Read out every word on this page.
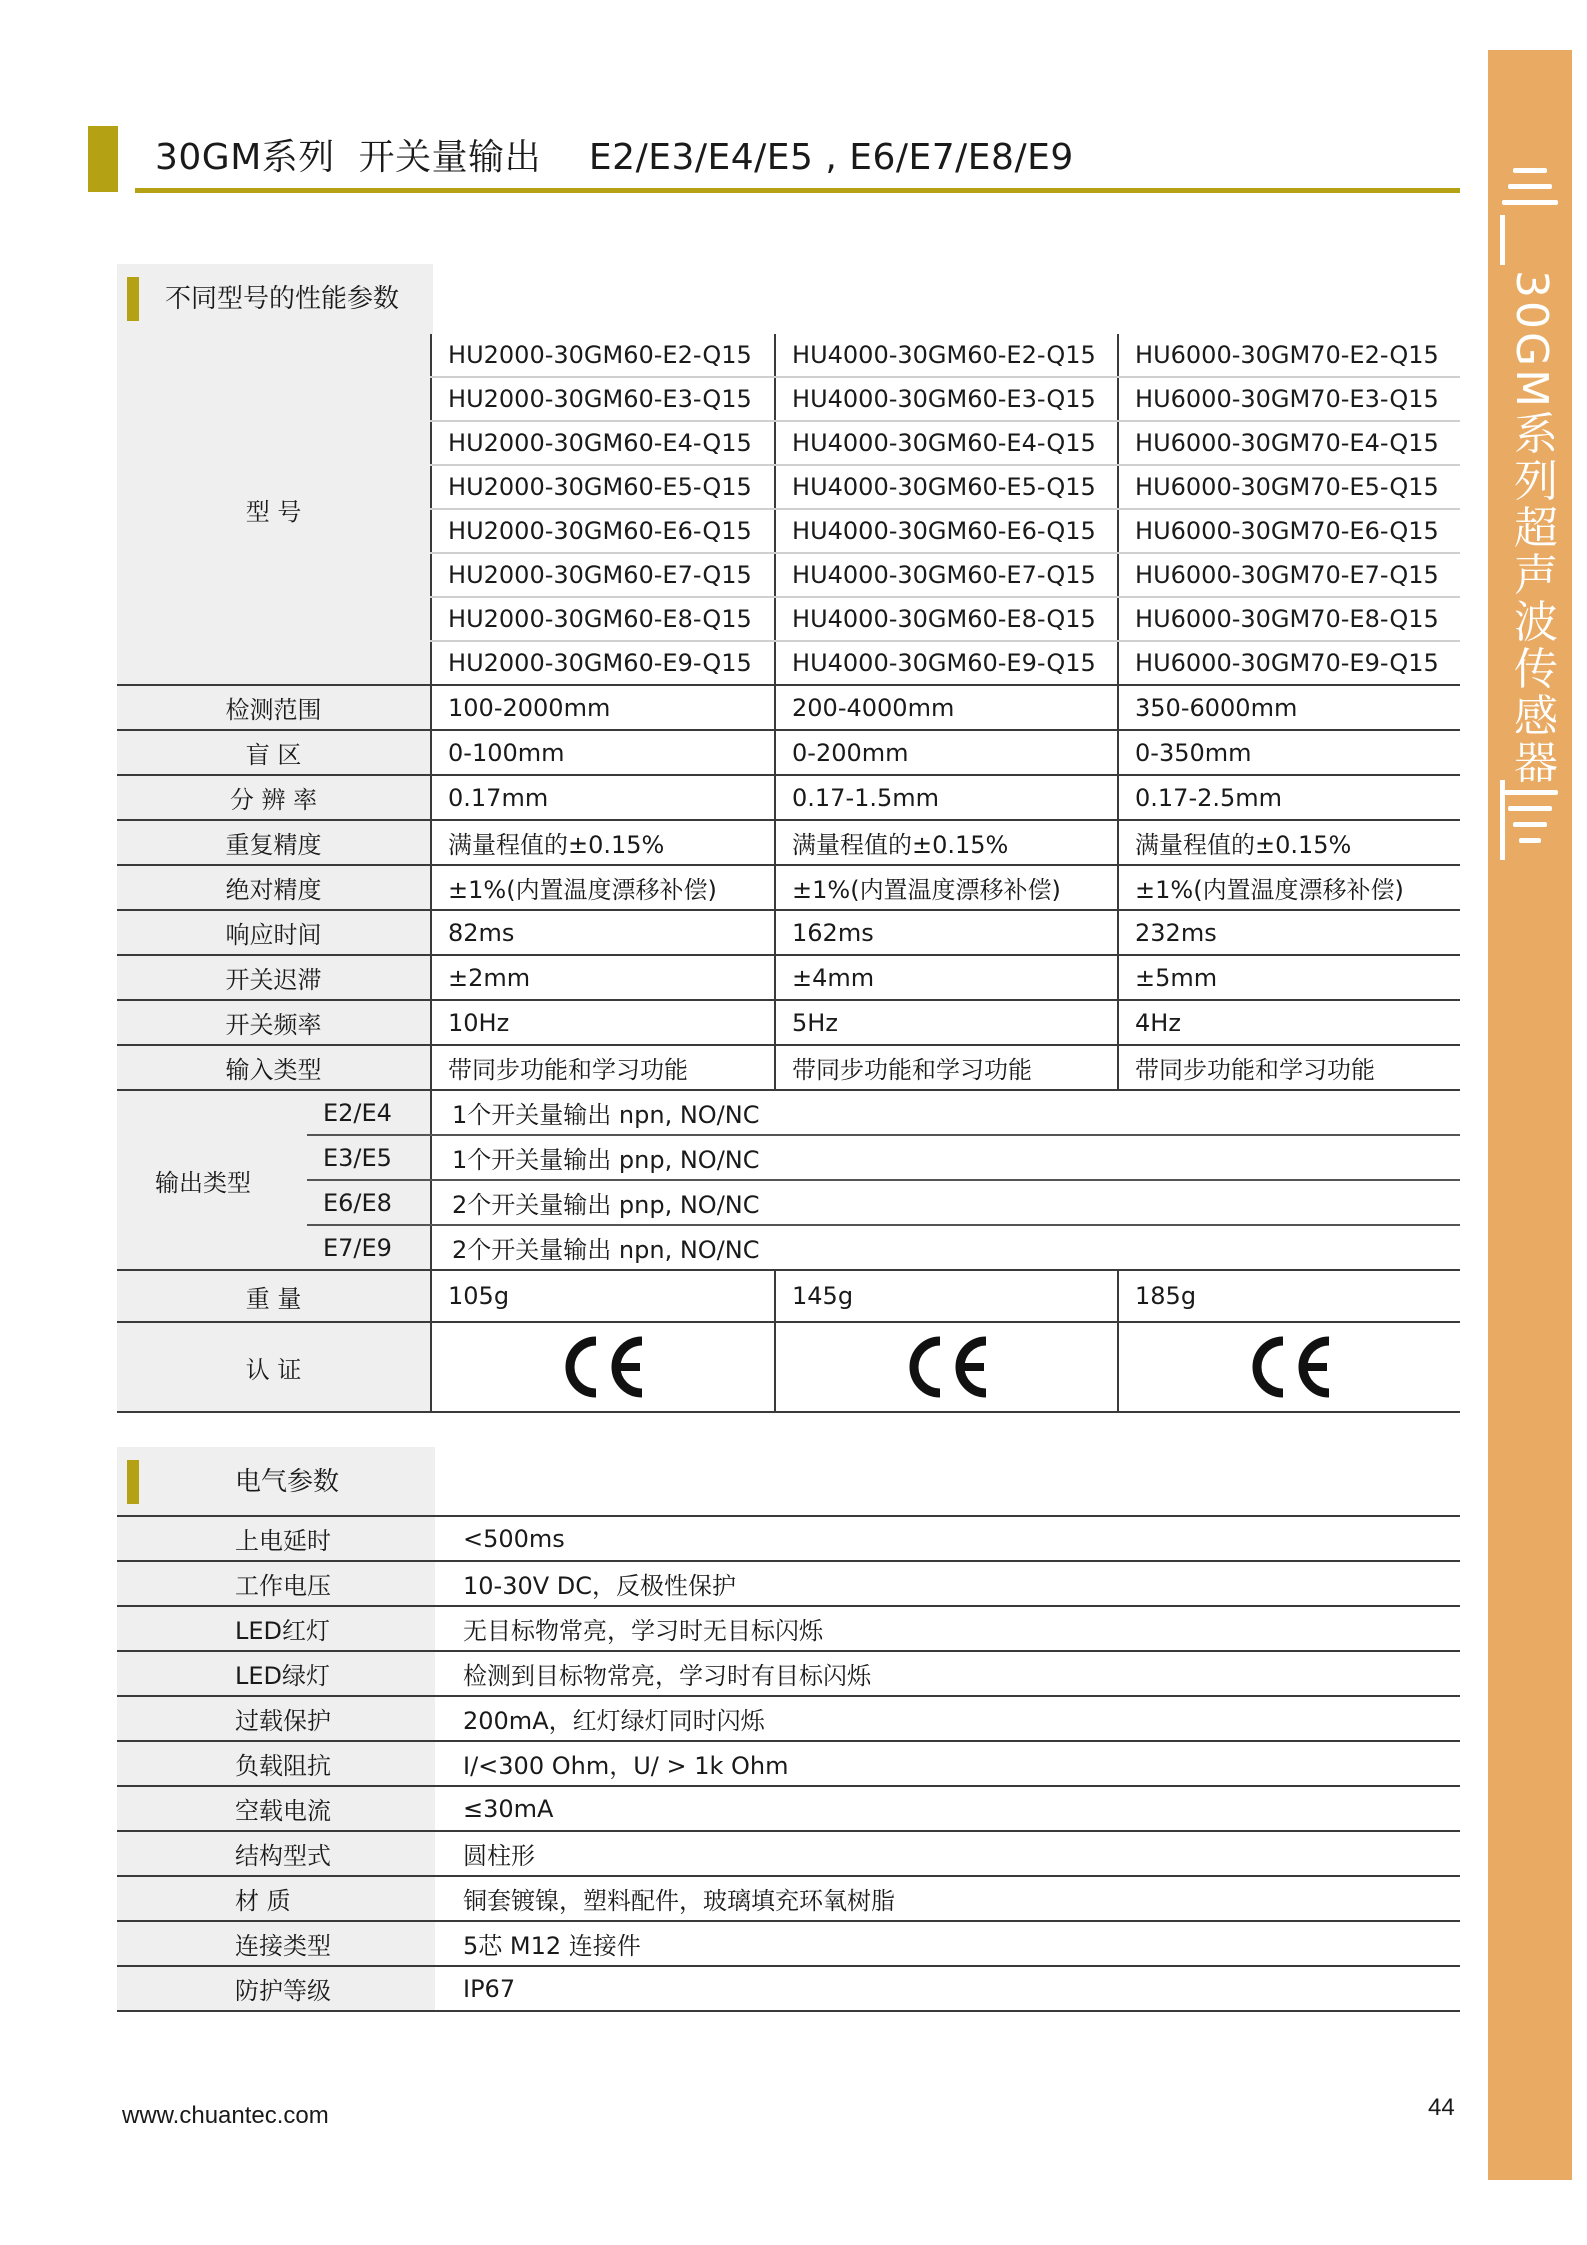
30GM系列  开关量输出    E2/E3/E4/E5 , E6/E7/E8/E9
30GM系列超声波传感器
不同型号的性能参数
型 号		HU2000-30GM60-E2-Q15	HU4000-30GM60-E2-Q15	HU6000-30GM70-E2-Q15
		HU2000-30GM60-E3-Q15	HU4000-30GM60-E3-Q15	HU6000-30GM70-E3-Q15
		HU2000-30GM60-E4-Q15	HU4000-30GM60-E4-Q15	HU6000-30GM70-E4-Q15
		HU2000-30GM60-E5-Q15	HU4000-30GM60-E5-Q15	HU6000-30GM70-E5-Q15
		HU2000-30GM60-E6-Q15	HU4000-30GM60-E6-Q15	HU6000-30GM70-E6-Q15
		HU2000-30GM60-E7-Q15	HU4000-30GM60-E7-Q15	HU6000-30GM70-E7-Q15
		HU2000-30GM60-E8-Q15	HU4000-30GM60-E8-Q15	HU6000-30GM70-E8-Q15
		HU2000-30GM60-E9-Q15	HU4000-30GM60-E9-Q15	HU6000-30GM70-E9-Q15
检测范围		100-2000mm	200-4000mm	350-6000mm
盲 区		0-100mm	0-200mm	0-350mm
分 辨 率		0.17mm	0.17-1.5mm	0.17-2.5mm
重复精度		满量程值的±0.15%	满量程值的±0.15%	满量程值的±0.15%
绝对精度		±1%(内置温度漂移补偿)	±1%(内置温度漂移补偿)	±1%(内置温度漂移补偿)
响应时间		82ms	162ms	232ms
开关迟滞		±2mm	±4mm	±5mm
开关频率		10Hz	5Hz	4Hz
输入类型		带同步功能和学习功能	带同步功能和学习功能	带同步功能和学习功能
输出类型	E2/E4	1个开关量输出 npn, NO/NC		
	E3/E5	1个开关量输出 pnp, NO/NC		
	E6/E8	2个开关量输出 pnp, NO/NC		
	E7/E9	2个开关量输出 npn, NO/NC		
重 量		105g	145g	185g
认 证	

电气参数
上电延时	<500ms
工作电压	10-30V DC，反极性保护
LED红灯	无目标物常亮，学习时无目标闪烁
LED绿灯	检测到目标物常亮，学习时有目标闪烁
过载保护	200mA，红灯绿灯同时闪烁
负载阻抗	I/<300 Ohm，U/ > 1k Ohm
空载电流	≤30mA
结构型式	圆柱形
材 质	铜套镀镍，塑料配件，玻璃填充环氧树脂
连接类型	5芯 M12 连接件
防护等级	IP67
www.chuantec.com	44
